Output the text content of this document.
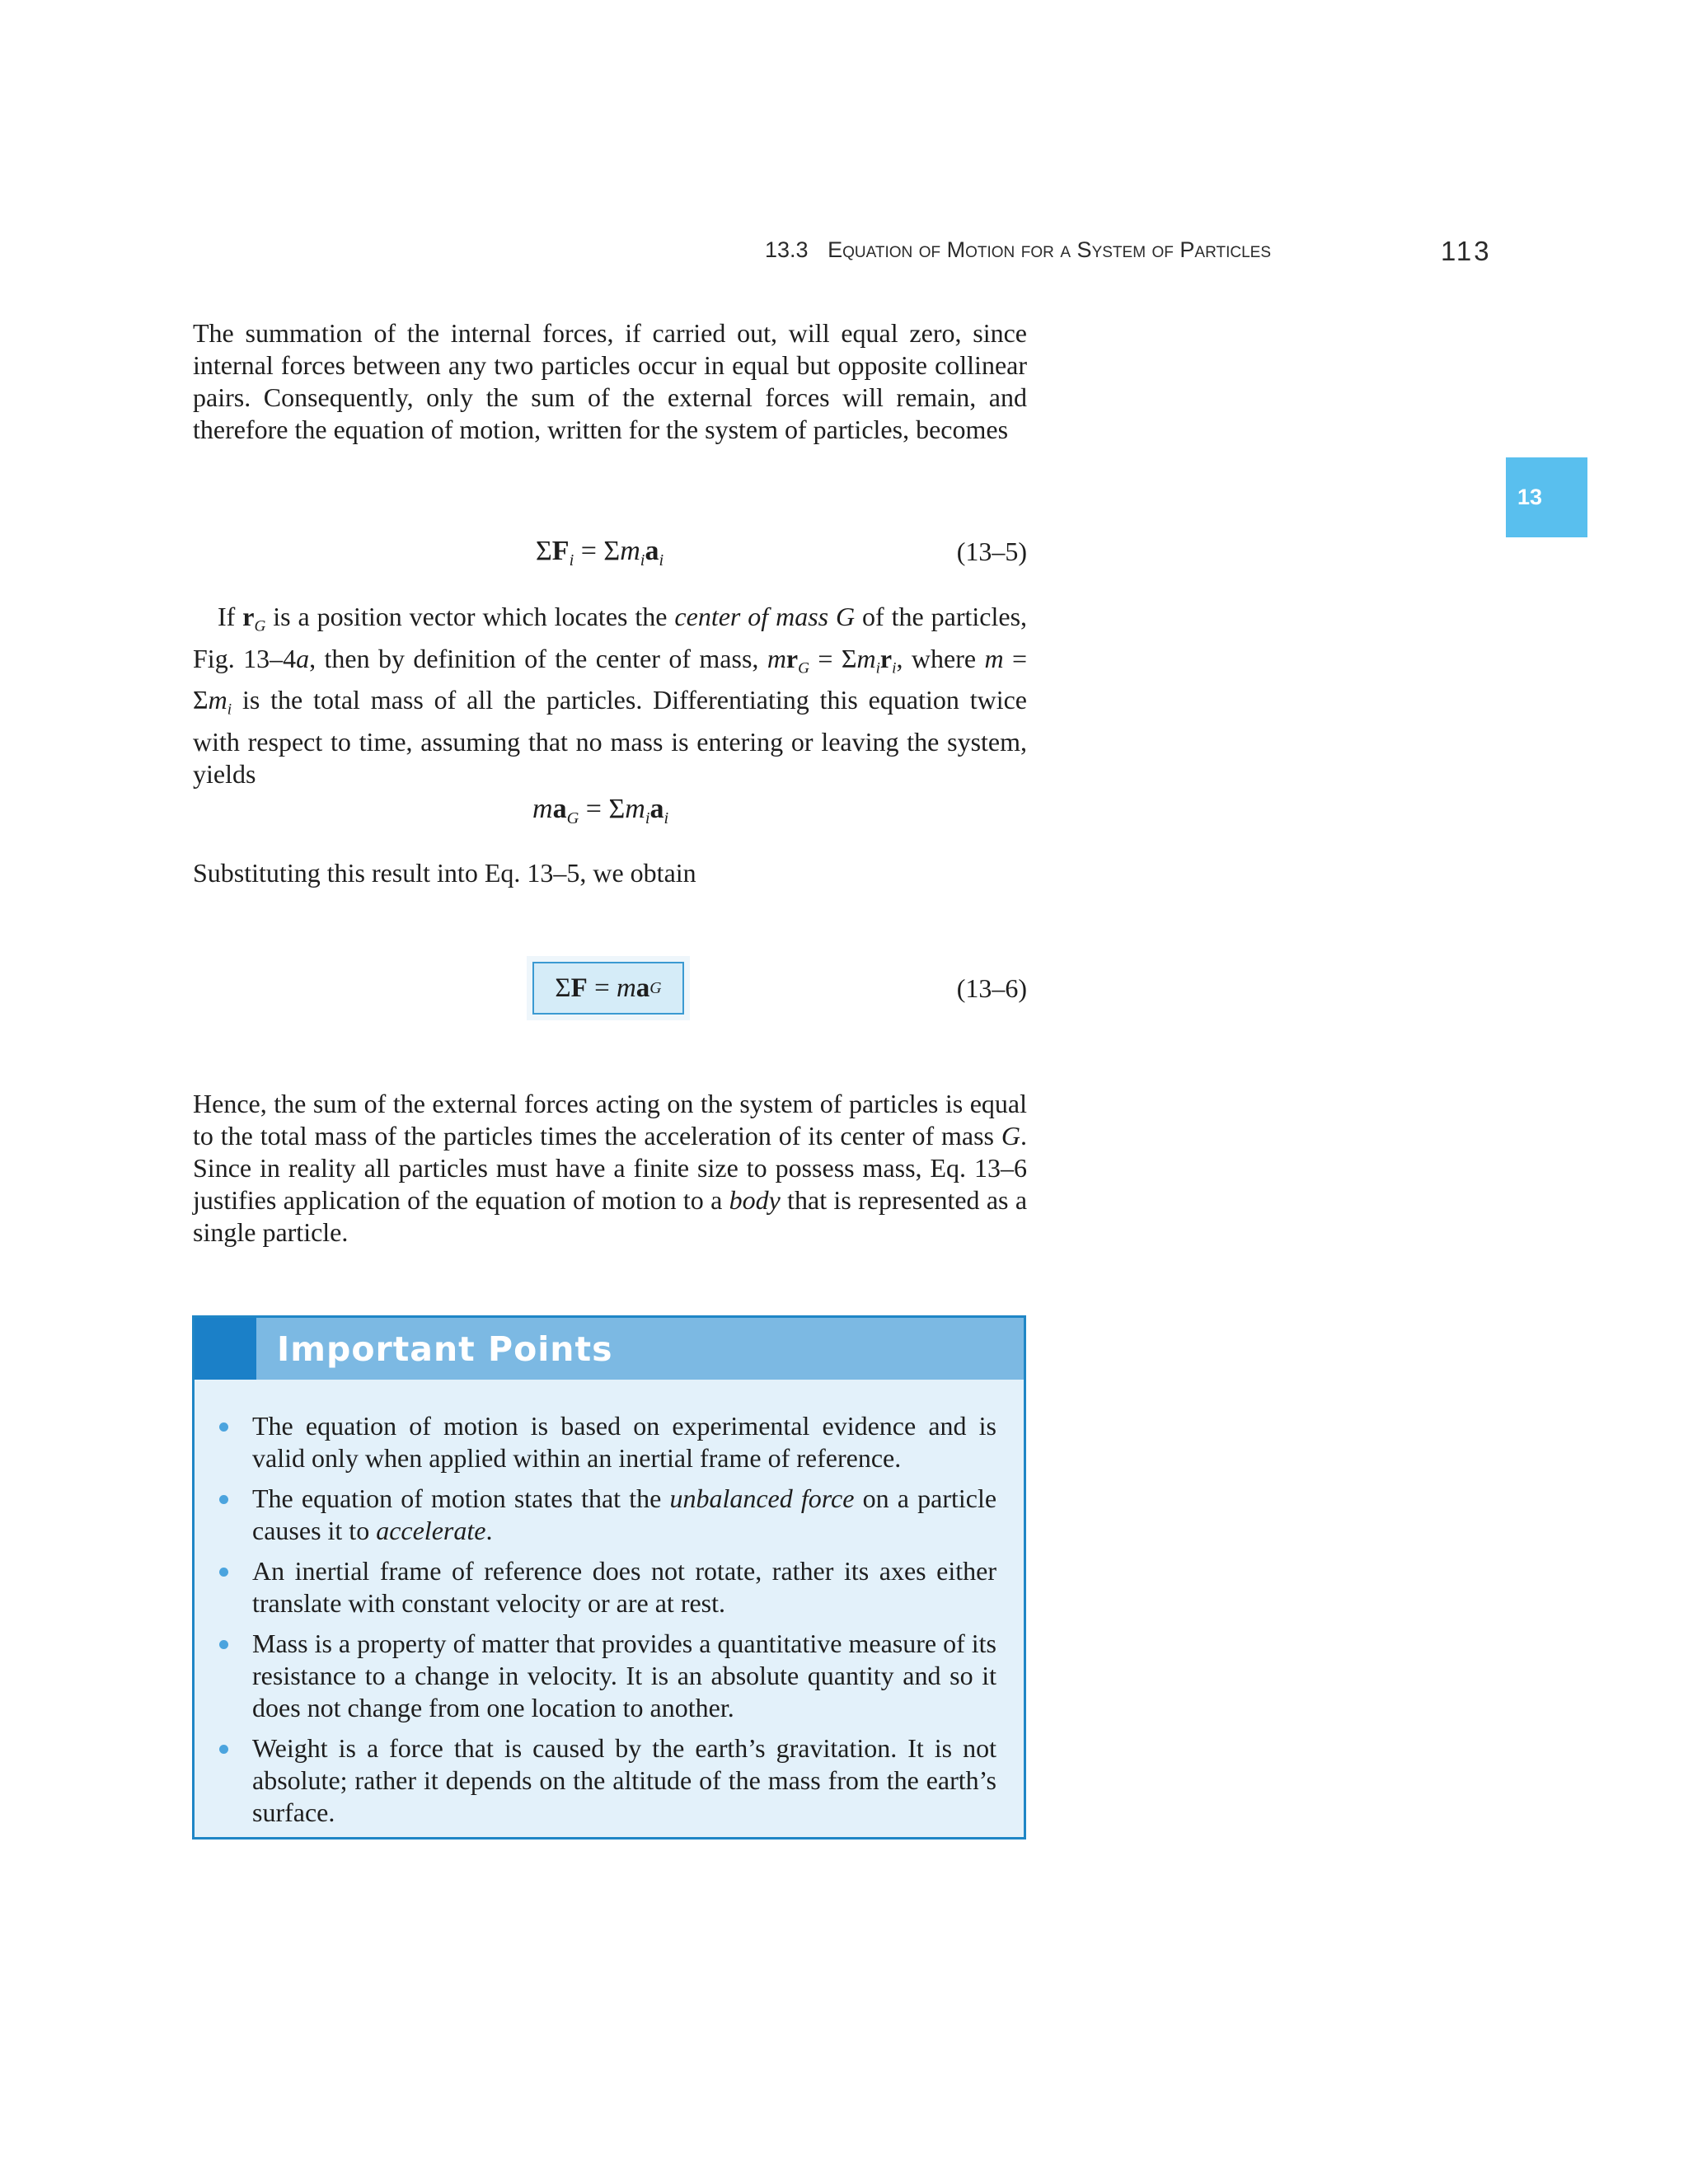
13.3 Equation of Motion for a System of Particles	113
13

The summation of the internal forces, if carried out, will equal zero, since internal forces between any two particles occur in equal but opposite collinear pairs. Consequently, only the sum of the external forces will remain, and therefore the equation of motion, written for the system of particles, becomes

$\Sigma F_i = \Sigma m_ia_i$	(13–5)

If $r_G$ is a position vector which locates the center of mass G of the particles, Fig. 13–4a, then by definition of the center of mass, $mr_G = \Sigma m_ir_i$, where $m = \Sigma m_i$ is the total mass of all the particles. Differentiating this equation twice with respect to time, assuming that no mass is entering or leaving the system, yields

$ma_G = \Sigma m_ia_i$

Substituting this result into Eq. 13–5, we obtain

Σ F = m a G	(13–6)

Hence, the sum of the external forces acting on the system of particles is equal to the total mass of the particles times the acceleration of its center of mass G. Since in reality all particles must have a finite size to possess mass, Eq. 13–6 justifies application of the equation of motion to a body that is represented as a single particle.

Important Points
The equation of motion is based on experimental evidence and is valid only when applied within an inertial frame of reference.
The equation of motion states that the unbalanced force on a particle causes it to accelerate.
An inertial frame of reference does not rotate, rather its axes either translate with constant velocity or are at rest.
Mass is a property of matter that provides a quantitative measure of its resistance to a change in velocity. It is an absolute quantity and so it does not change from one location to another.
Weight is a force that is caused by the earth’s gravitation. It is not absolute; rather it depends on the altitude of the mass from the earth’s surface.
